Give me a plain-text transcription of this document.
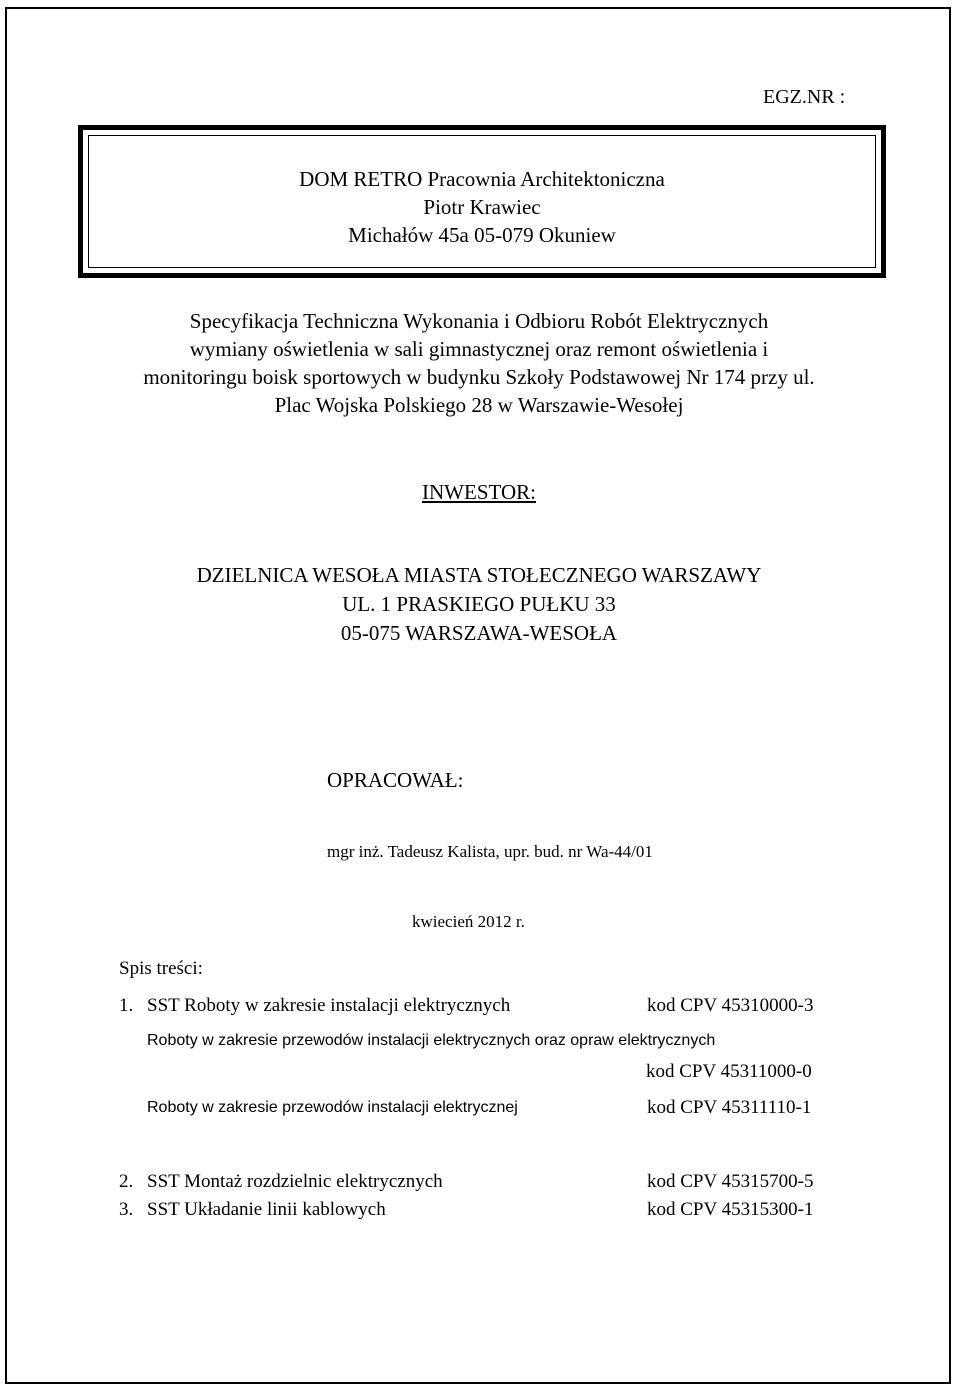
EGZ.NR :
DOM RETRO Pracownia Architektoniczna
Piotr Krawiec
Michałów 45a 05-079 Okuniew
Specyfikacja Techniczna Wykonania i Odbioru Robót Elektrycznych
wymiany oświetlenia w sali gimnastycznej oraz remont oświetlenia i
monitoringu boisk sportowych w budynku Szkoły Podstawowej Nr 174 przy ul.
Plac Wojska Polskiego 28 w Warszawie-Wesołej
INWESTOR:
DZIELNICA WESOŁA MIASTA STOŁECZNEGO WARSZAWY
UL. 1 PRASKIEGO PUŁKU 33
05-075 WARSZAWA-WESOŁA
OPRACOWAŁ:
mgr inż. Tadeusz Kalista, upr. bud. nr Wa-44/01
kwiecień 2012 r.
Spis treści:
1. SST Roboty w zakresie instalacji elektrycznych	kod CPV 45310000-3
Roboty w zakresie przewodów instalacji elektrycznych oraz opraw elektrycznych
kod CPV 45311000-0
Roboty w zakresie przewodów instalacji elektrycznej	kod CPV 45311110-1
2. SST Montaż rozdzielnic elektrycznych	kod CPV 45315700-5
3. SST Układanie linii kablowych	kod CPV 45315300-1
